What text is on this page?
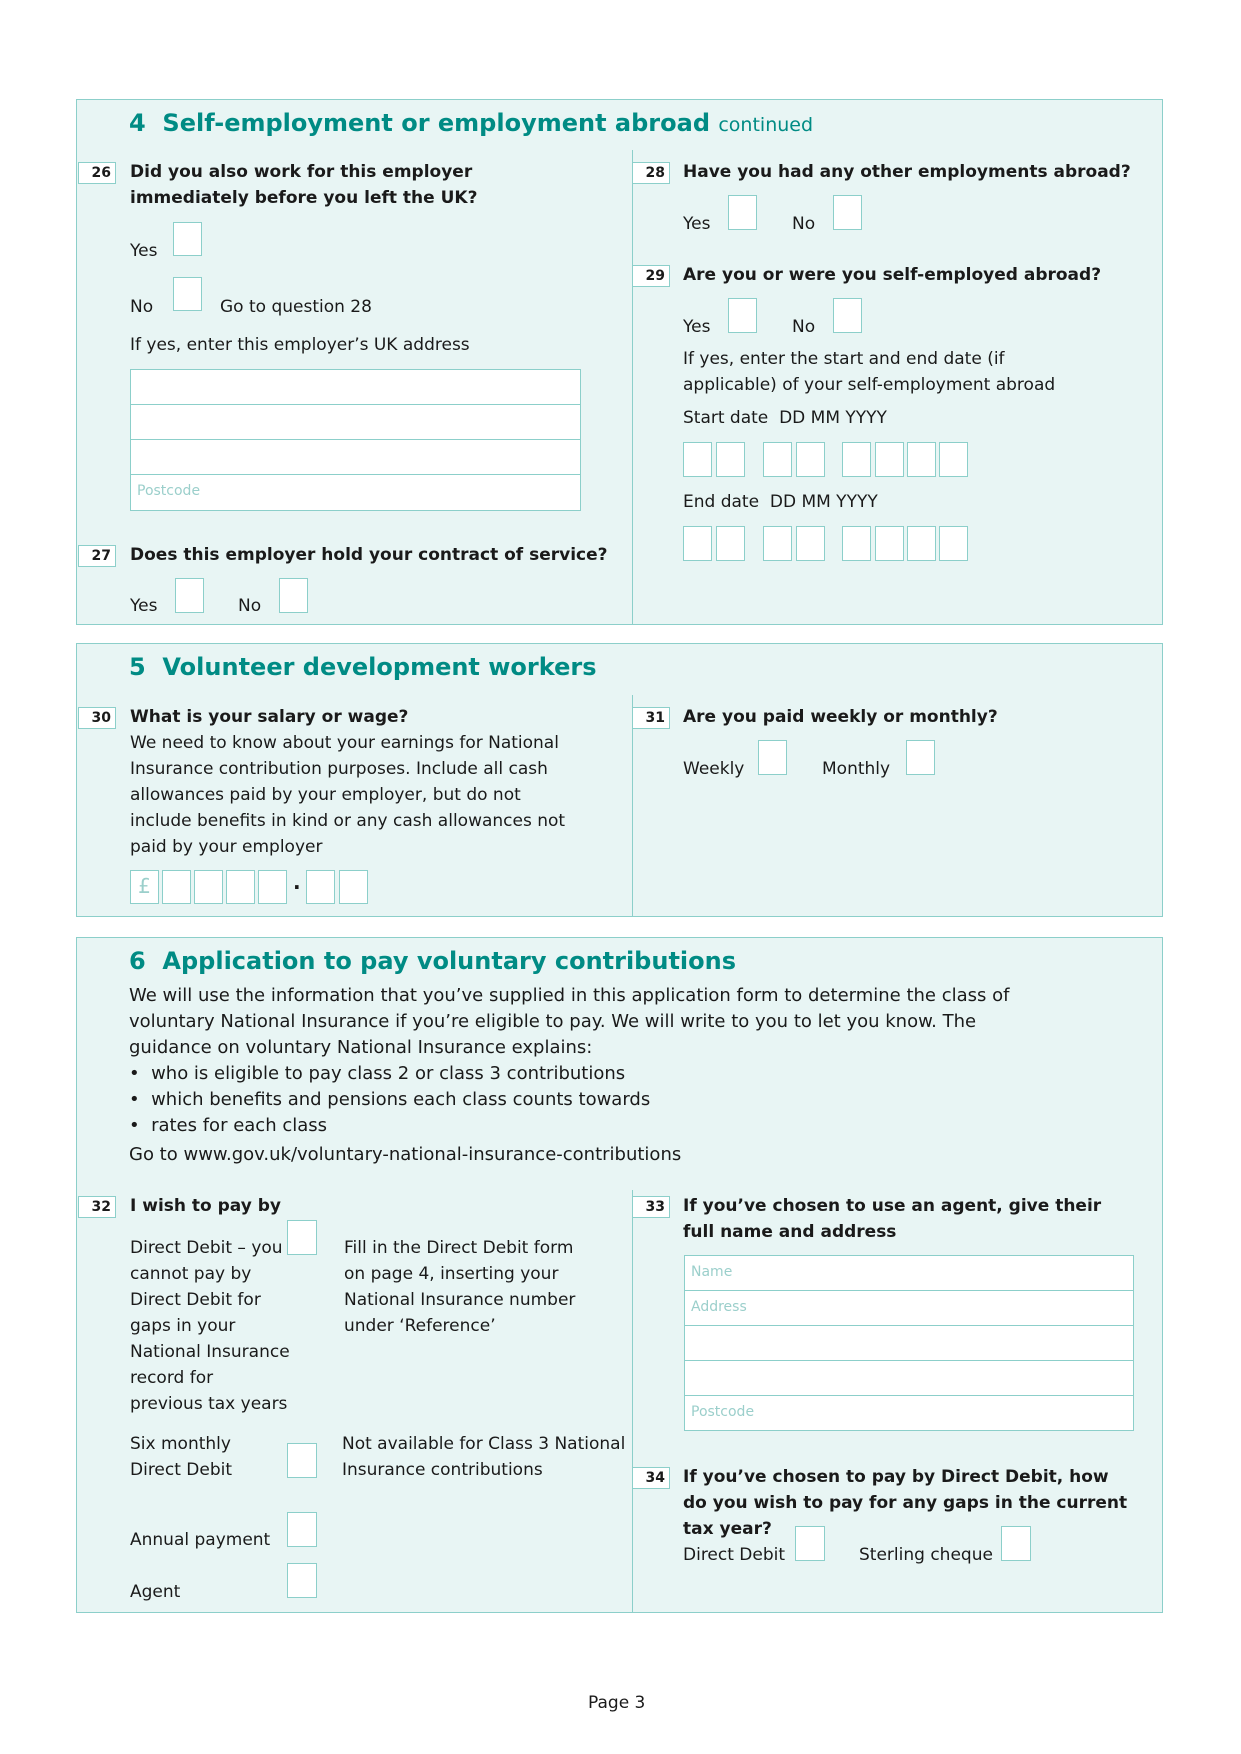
4 Self-employment or employment abroad continued
26 Did you also work for this employer immediately before you left the UK?
Yes
No	Go to question 28
If yes, enter this employer’s UK address
Postcode
27 Does this employer hold your contract of service?
Yes	No
28 Have you had any other employments abroad?
Yes	No
29 Are you or were you self-employed abroad?
Yes	No
If yes, enter the start and end date (if applicable) of your self-employment abroad
Start date DD MM YYYY
End date DD MM YYYY
5 Volunteer development workers
30 What is your salary or wage?
We need to know about your earnings for National Insurance contribution purposes. Include all cash allowances paid by your employer, but do not include benefits in kind or any cash allowances not paid by your employer
£	.
31 Are you paid weekly or monthly?
Weekly	Monthly
6 Application to pay voluntary contributions
We will use the information that you’ve supplied in this application form to determine the class of voluntary National Insurance if you’re eligible to pay. We will write to you to let you know. The guidance on voluntary National Insurance explains:
•  who is eligible to pay class 2 or class 3 contributions
•  which benefits and pensions each class counts towards
•  rates for each class
Go to www.gov.uk/voluntary-national-insurance-contributions
32 I wish to pay by
Direct Debit – you cannot pay by Direct Debit for gaps in your National Insurance record for previous tax years
Fill in the Direct Debit form on page 4, inserting your National Insurance number under ‘Reference’
Six monthly Direct Debit
Not available for Class 3 National Insurance contributions
Annual payment
Agent
33 If you’ve chosen to use an agent, give their full name and address
Name
Address
Postcode
34 If you’ve chosen to pay by Direct Debit, how do you wish to pay for any gaps in the current tax year?
Direct Debit	Sterling cheque
Page 3
